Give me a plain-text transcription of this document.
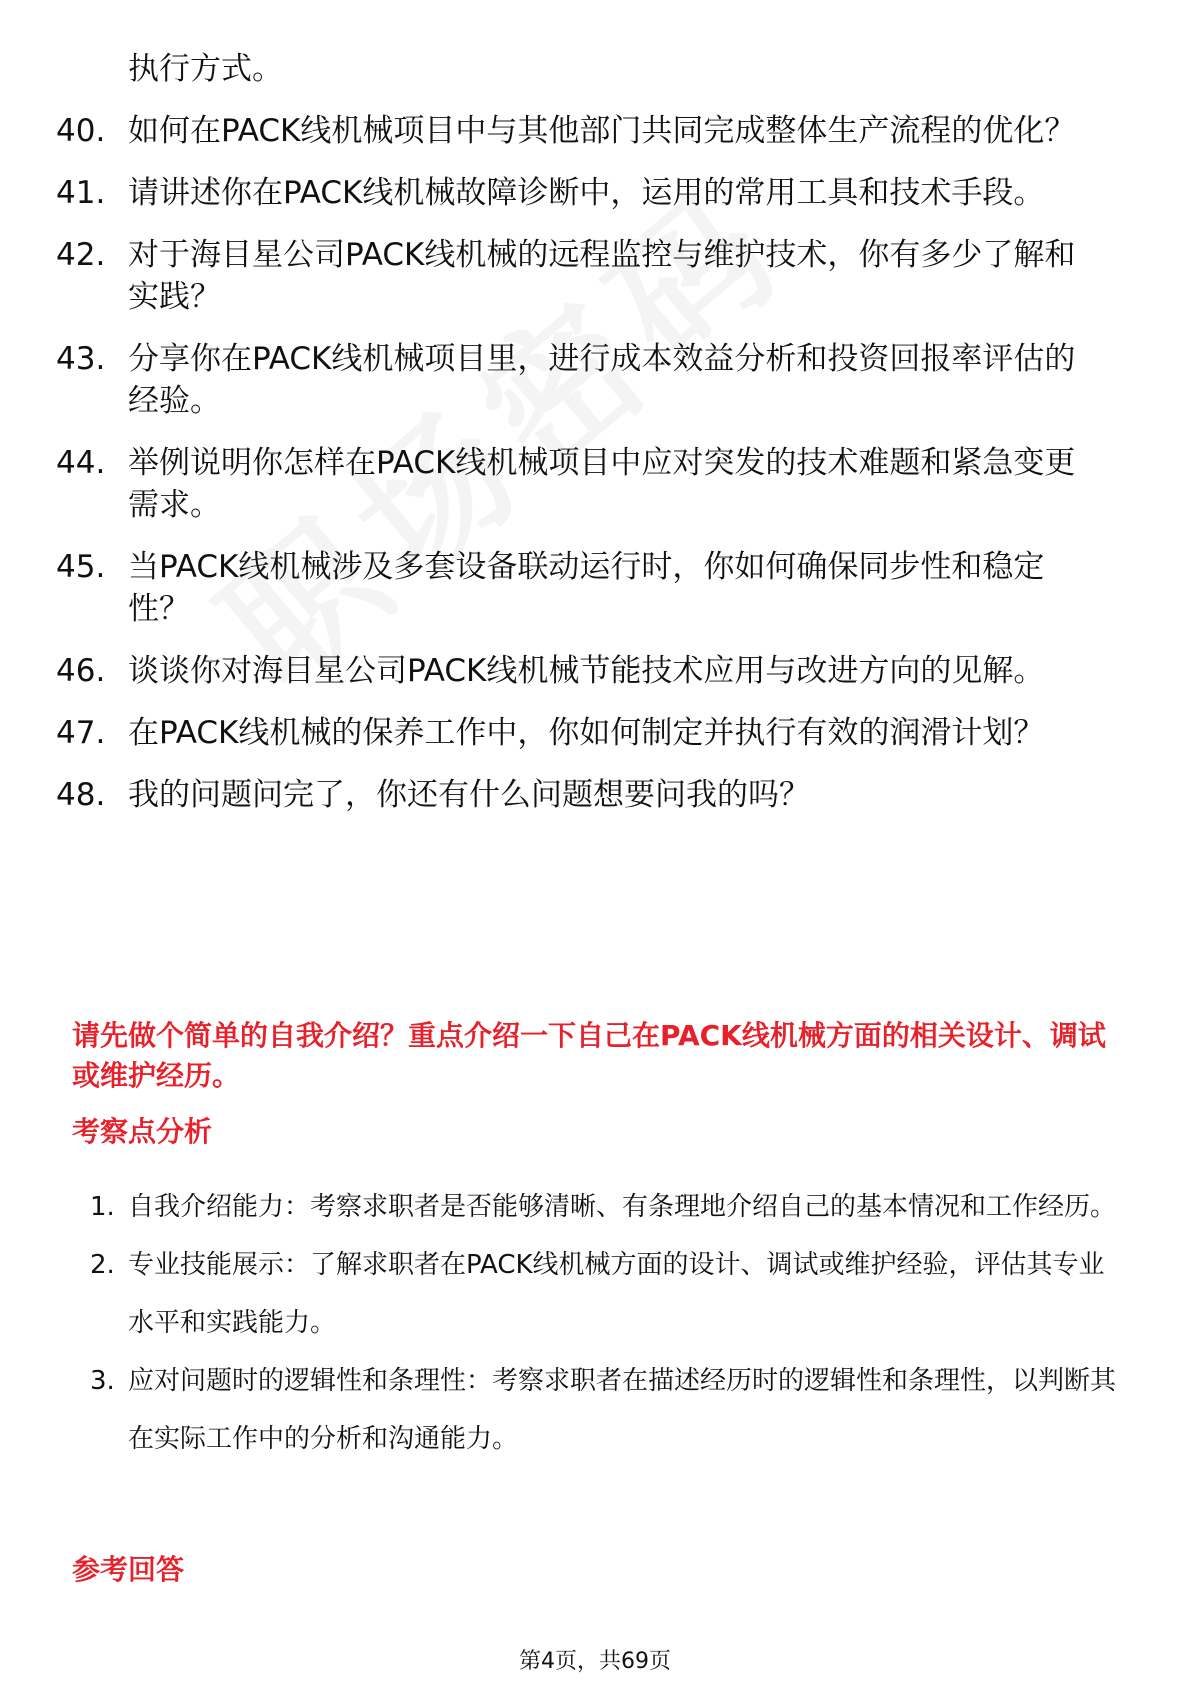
执行方式。
40. 如何在PACK线机械项目中与其他部门共同完成整体生产流程的优化？
41. 请讲述你在PACK线机械故障诊断中，运用的常用工具和技术手段。
42. 对于海目星公司PACK线机械的远程监控与维护技术，你有多少了解和实践？
43. 分享你在PACK线机械项目里，进行成本效益分析和投资回报率评估的经验。
44. 举例说明你怎样在PACK线机械项目中应对突发的技术难题和紧急变更需求。
45. 当PACK线机械涉及多套设备联动运行时，你如何确保同步性和稳定性？
46. 谈谈你对海目星公司PACK线机械节能技术应用与改进方向的见解。
47. 在PACK线机械的保养工作中，你如何制定并执行有效的润滑计划？
48. 我的问题问完了，你还有什么问题想要问我的吗？
请先做个简单的自我介绍？重点介绍一下自己在PACK线机械方面的相关设计、调试或维护经历。
考察点分析
1. 自我介绍能力：考察求职者是否能够清晰、有条理地介绍自己的基本情况和工作经历。
2. 专业技能展示：了解求职者在PACK线机械方面的设计、调试或维护经验，评估其专业水平和实践能力。
3. 应对问题时的逻辑性和条理性：考察求职者在描述经历时的逻辑性和条理性，以判断其在实际工作中的分析和沟通能力。
参考回答
第4页，共69页
